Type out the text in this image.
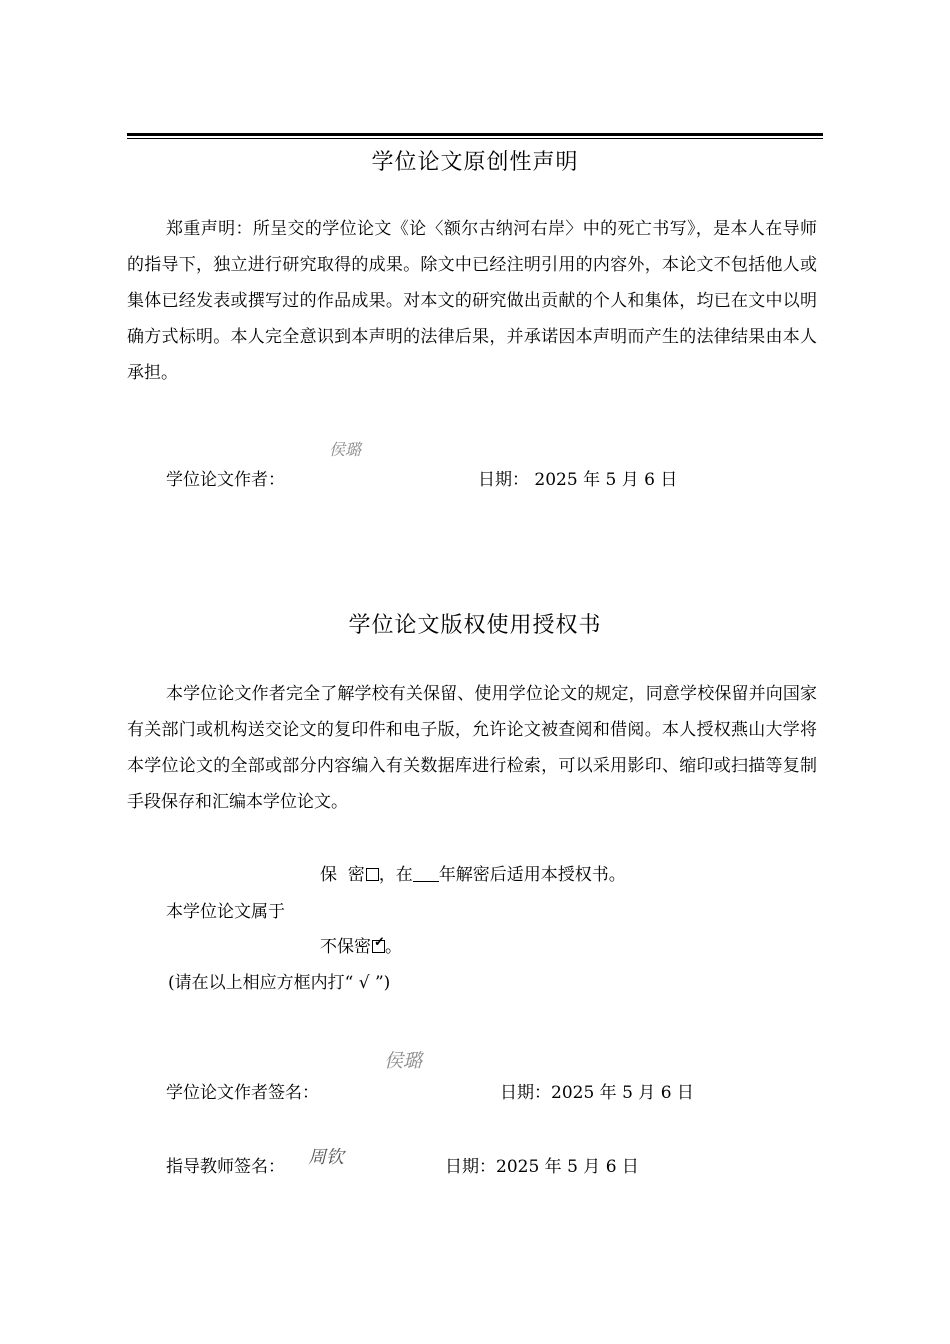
学位论文原创性声明

郑重声明：所呈交的学位论文《论〈额尔古纳河右岸〉中的死亡书写》，是本人在导师的指导下，独立进行研究取得的成果。除文中已经注明引用的内容外，本论文不包括他人或集体已经发表或撰写过的作品成果。对本文的研究做出贡献的个人和集体，均已在文中以明确方式标明。本人完全意识到本声明的法律后果，并承诺因本声明而产生的法律结果由本人承担。

侯璐
学位论文作者：	日期： 2025 年 5 月 6 日
学位论文版权使用授权书

本学位论文作者完全了解学校有关保留、使用学位论文的规定，同意学校保留并向国家有关部门或机构送交论文的复印件和电子版，允许论文被查阅和借阅。本人授权燕山大学将本学位论文的全部或部分内容编入有关数据库进行检索，可以采用影印、缩印或扫描等复制手段保存和汇编本学位论文。

保  密 ，在 年解密后适用本授权书。
本学位论文属于
不保密 ✓ 。
(请在以上相应方框内打“ √ ”)
侯璐
学位论文作者签名：	日期：2025 年 5 月 6 日
周钦
指导教师签名：	日期：2025 年 5 月 6 日
